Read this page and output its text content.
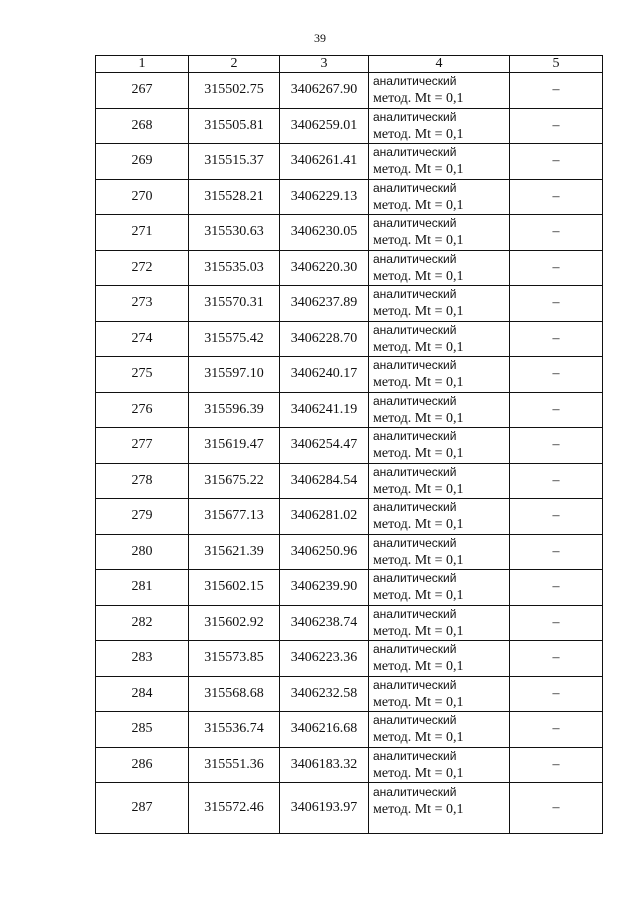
39
1	2	3	4	5
267	315502.75	3406267.90	аналитический
метод. Mt = 0,1	–
268	315505.81	3406259.01	аналитический
метод. Mt = 0,1	–
269	315515.37	3406261.41	аналитический
метод. Mt = 0,1	–
270	315528.21	3406229.13	аналитический
метод. Mt = 0,1	–
271	315530.63	3406230.05	аналитический
метод. Mt = 0,1	–
272	315535.03	3406220.30	аналитический
метод. Mt = 0,1	–
273	315570.31	3406237.89	аналитический
метод. Mt = 0,1	–
274	315575.42	3406228.70	аналитический
метод. Mt = 0,1	–
275	315597.10	3406240.17	аналитический
метод. Mt = 0,1	–
276	315596.39	3406241.19	аналитический
метод. Mt = 0,1	–
277	315619.47	3406254.47	аналитический
метод. Mt = 0,1	–
278	315675.22	3406284.54	аналитический
метод. Mt = 0,1	–
279	315677.13	3406281.02	аналитический
метод. Mt = 0,1	–
280	315621.39	3406250.96	аналитический
метод. Mt = 0,1	–
281	315602.15	3406239.90	аналитический
метод. Mt = 0,1	–
282	315602.92	3406238.74	аналитический
метод. Mt = 0,1	–
283	315573.85	3406223.36	аналитический
метод. Mt = 0,1	–
284	315568.68	3406232.58	аналитический
метод. Mt = 0,1	–
285	315536.74	3406216.68	аналитический
метод. Mt = 0,1	–
286	315551.36	3406183.32	аналитический
метод. Mt = 0,1	–
287	315572.46	3406193.97	аналитический
метод. Mt = 0,1	–
